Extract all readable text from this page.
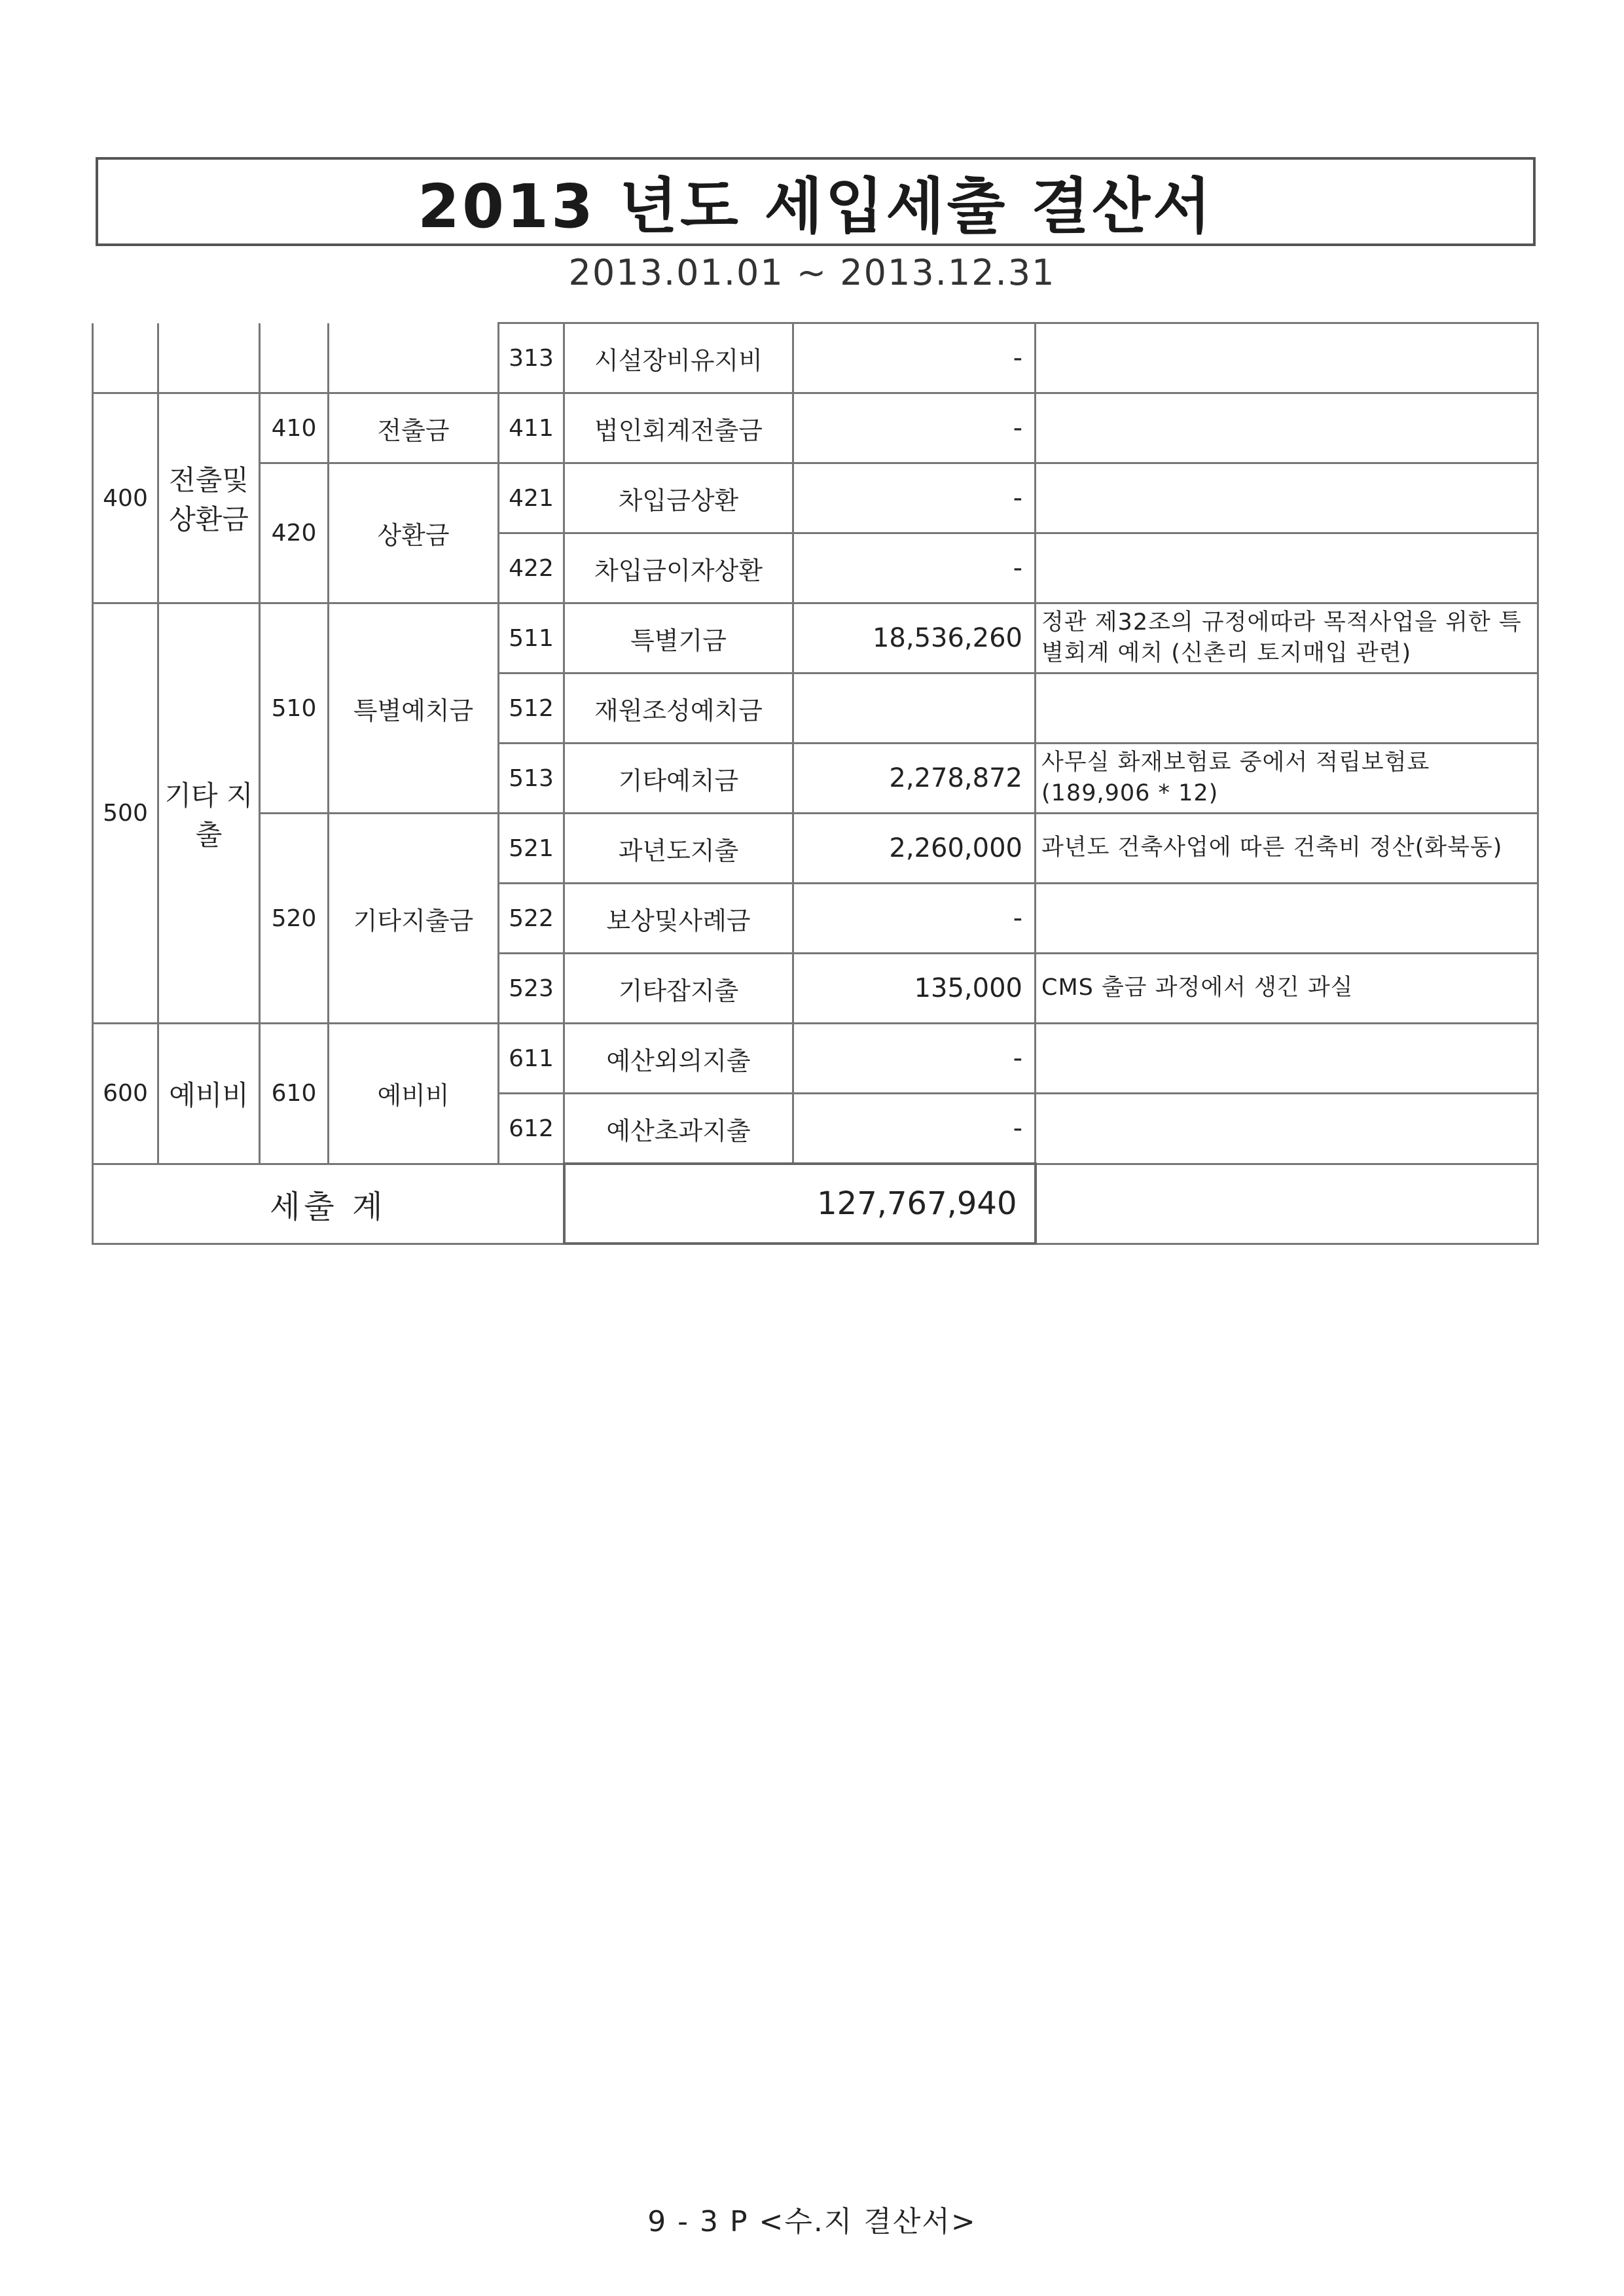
2013 년도 세입세출 결산서
2013.01.01 ~ 2013.12.31
				313	시설장비유지비	-	
400	전출및 상환금	410	전출금	411	법인회계전출금	-	
		420	상환금	421	차입금상환	-	
				422	차입금이자상환	-	
500	기타 지출	510	특별예치금	511	특별기금	18,536,260	정관 제32조의 규정에따라 목적사업을 위한 특별회계 예치 (신촌리 토지매입 관련)
				512	재원조성예치금		
				513	기타예치금	2,278,872	사무실 화재보험료 중에서 적립보험료 (189,906 * 12)
		520	기타지출금	521	과년도지출	2,260,000	과년도 건축사업에 따른 건축비 정산(화북동)
				522	보상및사례금	-	
				523	기타잡지출	135,000	CMS 출금 과정에서 생긴 과실
600	예비비	610	예비비	611	예산외의지출	-	
				612	예산초과지출	-	
세출 계					127,767,940		
9 - 3 P <수.지 결산서>
